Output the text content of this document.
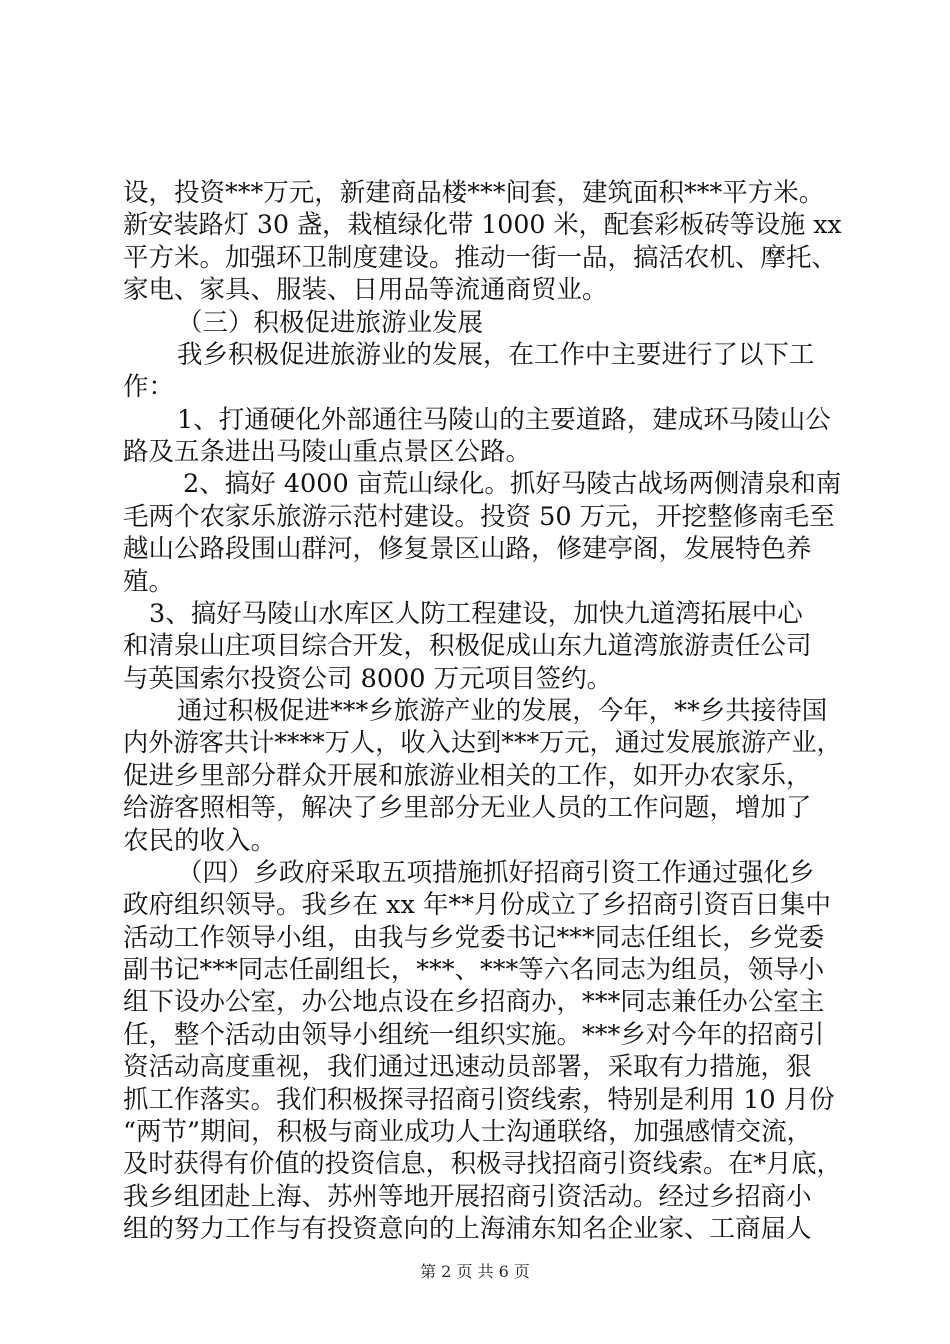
设，投资***万元，新建商品楼***间套，建筑面积***平方米。
新安装路灯 30 盏，栽植绿化带 1000 米，配套彩板砖等设施 xx
平方米。加强环卫制度建设。推动一街一品，搞活农机、摩托、
家电、家具、服装、日用品等流通商贸业。
（三）积极促进旅游业发展
我乡积极促进旅游业的发展，在工作中主要进行了以下工
作：
1、打通硬化外部通往马陵山的主要道路，建成环马陵山公
路及五条进出马陵山重点景区公路。
2、搞好 4000 亩荒山绿化。抓好马陵古战场两侧清泉和南
毛两个农家乐旅游示范村建设。投资 50 万元，开挖整修南毛至
越山公路段围山群河，修复景区山路，修建亭阁，发展特色养
殖。
3、搞好马陵山水库区人防工程建设，加快九道湾拓展中心
和清泉山庄项目综合开发，积极促成山东九道湾旅游责任公司
与英国索尔投资公司 8000 万元项目签约。
通过积极促进***乡旅游产业的发展，今年，**乡共接待国
内外游客共计****万人，收入达到***万元，通过发展旅游产业，
促进乡里部分群众开展和旅游业相关的工作，如开办农家乐，
给游客照相等，解决了乡里部分无业人员的工作问题，增加了
农民的收入。
（四）乡政府采取五项措施抓好招商引资工作通过强化乡
政府组织领导。我乡在 xx 年**月份成立了乡招商引资百日集中
活动工作领导小组，由我与乡党委书记***同志任组长，乡党委
副书记***同志任副组长，***、***等六名同志为组员，领导小
组下设办公室，办公地点设在乡招商办，***同志兼任办公室主
任，整个活动由领导小组统一组织实施。***乡对今年的招商引
资活动高度重视，我们通过迅速动员部署，采取有力措施，狠
抓工作落实。我们积极探寻招商引资线索，特别是利用 10 月份
“两节”期间，积极与商业成功人士沟通联络，加强感情交流，
及时获得有价值的投资信息，积极寻找招商引资线索。在*月底，
我乡组团赴上海、苏州等地开展招商引资活动。经过乡招商小
组的努力工作与有投资意向的上海浦东知名企业家、工商届人
第 2 页 共 6 页
